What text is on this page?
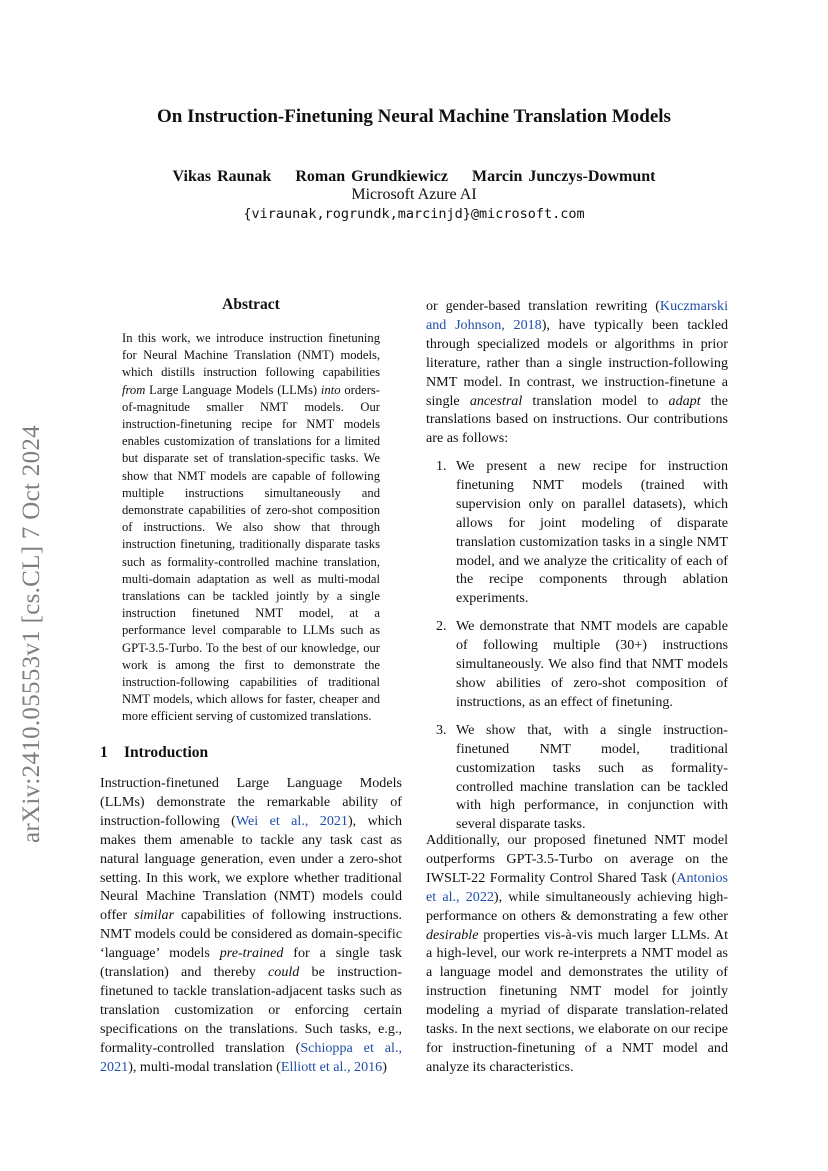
arXiv:2410.05553v1 [cs.CL] 7 Oct 2024
On Instruction-Finetuning Neural Machine Translation Models
Vikas Raunak Roman Grundkiewicz Marcin Junczys-Dowmunt
Microsoft Azure AI
{viraunak,rogrundk,marcinjd}@microsoft.com
Abstract

In this work, we introduce instruction finetuning for Neural Machine Translation (NMT) models, which distills instruction following capabilities from Large Language Models (LLMs) into orders-of-magnitude smaller NMT models. Our instruction-finetuning recipe for NMT models enables customization of translations for a limited but disparate set of translation-specific tasks. We show that NMT models are capable of following multiple instructions simultaneously and demonstrate capabilities of zero-shot composition of instructions. We also show that through instruction finetuning, traditionally disparate tasks such as formality-controlled machine translation, multi-domain adaptation as well as multi-modal translations can be tackled jointly by a single instruction finetuned NMT model, at a performance level comparable to LLMs such as GPT-3.5-Turbo. To the best of our knowledge, our work is among the first to demonstrate the instruction-following capabilities of traditional NMT models, which allows for faster, cheaper and more efficient serving of customized translations.

1 Introduction

Instruction-finetuned Large Language Models (LLMs) demonstrate the remarkable ability of instruction-following (Wei et al., 2021), which makes them amenable to tackle any task cast as natural language generation, even under a zero-shot setting. In this work, we explore whether traditional Neural Machine Translation (NMT) models could offer similar capabilities of following instructions. NMT models could be considered as domain-specific ‘language’ models pre-trained for a single task (translation) and thereby could be instruction-finetuned to tackle translation-adjacent tasks such as translation customization or enforcing certain specifications on the translations. Such tasks, e.g., formality-controlled translation (Schioppa et al., 2021), multi-modal translation (Elliott et al., 2016)

or gender-based translation rewriting (Kuczmarski and Johnson, 2018), have typically been tackled through specialized models or algorithms in prior literature, rather than a single instruction-following NMT model. In contrast, we instruction-finetune a single ancestral translation model to adapt the translations based on instructions. Our contributions are as follows:

1. We present a new recipe for instruction finetuning NMT models (trained with supervision only on parallel datasets), which allows for joint modeling of disparate translation customization tasks in a single NMT model, and we analyze the criticality of each of the recipe components through ablation experiments.
2. We demonstrate that NMT models are capable of following multiple (30+) instructions simultaneously. We also find that NMT models show abilities of zero-shot composition of instructions, as an effect of finetuning.
3. We show that, with a single instruction-finetuned NMT model, traditional customization tasks such as formality-controlled machine translation can be tackled with high performance, in conjunction with several disparate tasks.

Additionally, our proposed finetuned NMT model outperforms GPT-3.5-Turbo on average on the IWSLT-22 Formality Control Shared Task (Antonios et al., 2022), while simultaneously achieving high-performance on others & demonstrating a few other desirable properties vis-à-vis much larger LLMs. At a high-level, our work re-interprets a NMT model as a language model and demonstrates the utility of instruction finetuning NMT model for jointly modeling a myriad of disparate translation-related tasks. In the next sections, we elaborate on our recipe for instruction-finetuning of a NMT model and analyze its characteristics.
